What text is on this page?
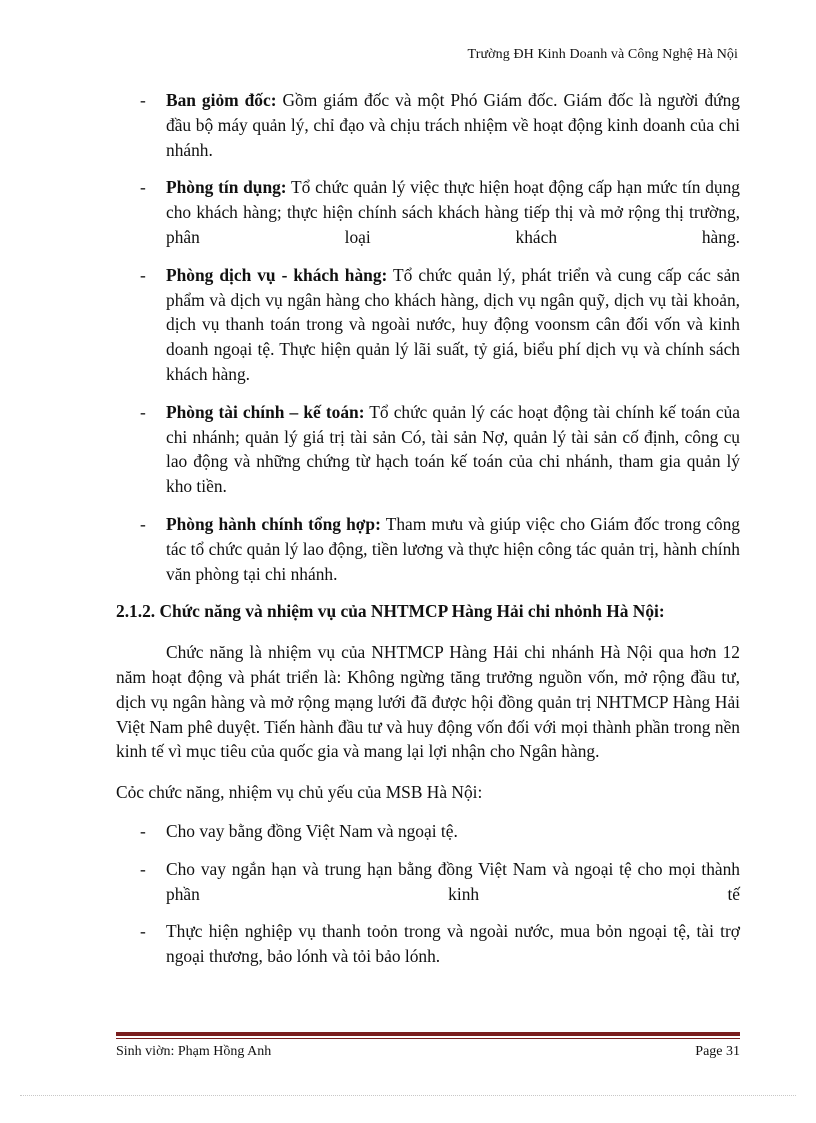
Trường ĐH Kinh Doanh và Công Nghệ Hà Nội
- Ban giỏm đốc: Gồm giám đốc và một Phó Giám đốc. Giám đốc là người đứng đầu bộ máy quản lý, chỉ đạo và chịu trách nhiệm về hoạt động kinh doanh của chi nhánh.
- Phòng tín dụng: Tổ chức quản lý việc thực hiện hoạt động cấp hạn mức tín dụng cho khách hàng; thực hiện chính sách khách hàng tiếp thị và mở rộng thị trường, phân loại khách hàng.
- Phòng dịch vụ - khách hàng: Tổ chức quản lý, phát triển và cung cấp các sản phẩm và dịch vụ ngân hàng cho khách hàng, dịch vụ ngân quỹ, dịch vụ tài khoản, dịch vụ thanh toán trong và ngoài nước, huy động voonsm cân đối vốn và kinh doanh ngoại tệ. Thực hiện quản lý lãi suất, tỷ giá, biểu phí dịch vụ và chính sách khách hàng.
- Phòng tài chính – kế toán: Tổ chức quản lý các hoạt động tài chính kế toán của chi nhánh; quản lý giá trị tài sản Có, tài sản Nợ, quản lý tài sản cố định, công cụ lao động và những chứng từ hạch toán kế toán của chi nhánh, tham gia quản lý kho tiền.
- Phòng hành chính tổng hợp: Tham mưu và giúp việc cho Giám đốc trong công tác tổ chức quản lý lao động, tiền lương và thực hiện công tác quản trị, hành chính văn phòng tại chi nhánh.
2.1.2. Chức năng và nhiệm vụ của NHTMCP Hàng Hải chi nhỏnh Hà Nội:

Chức năng là nhiệm vụ của NHTMCP Hàng Hải chi nhánh Hà Nội qua hơn 12 năm hoạt động và phát triển là: Không ngừng tăng trưởng nguồn vốn, mở rộng đầu tư, dịch vụ ngân hàng và mở rộng mạng lưới đã được hội đồng quản trị NHTMCP Hàng Hải Việt Nam phê duyệt. Tiến hành đầu tư và huy động vốn đối với mọi thành phần trong nền kinh tế vì mục tiêu của quốc gia và mang lại lợi nhận cho Ngân hàng.

Cỏc chức năng, nhiệm vụ chủ yếu của MSB Hà Nội:

- Cho vay bằng đồng Việt Nam và ngoại tệ.
- Cho vay ngắn hạn và trung hạn bằng đồng Việt Nam và ngoại tệ cho mọi thành phần kinh tế
- Thực hiện nghiệp vụ thanh toỏn trong và ngoài nước, mua bỏn ngoại tệ, tài trợ ngoại thương, bảo lónh và tỏi bảo lónh.
Sinh viờn: Phạm Hồng Anh	Page 31
